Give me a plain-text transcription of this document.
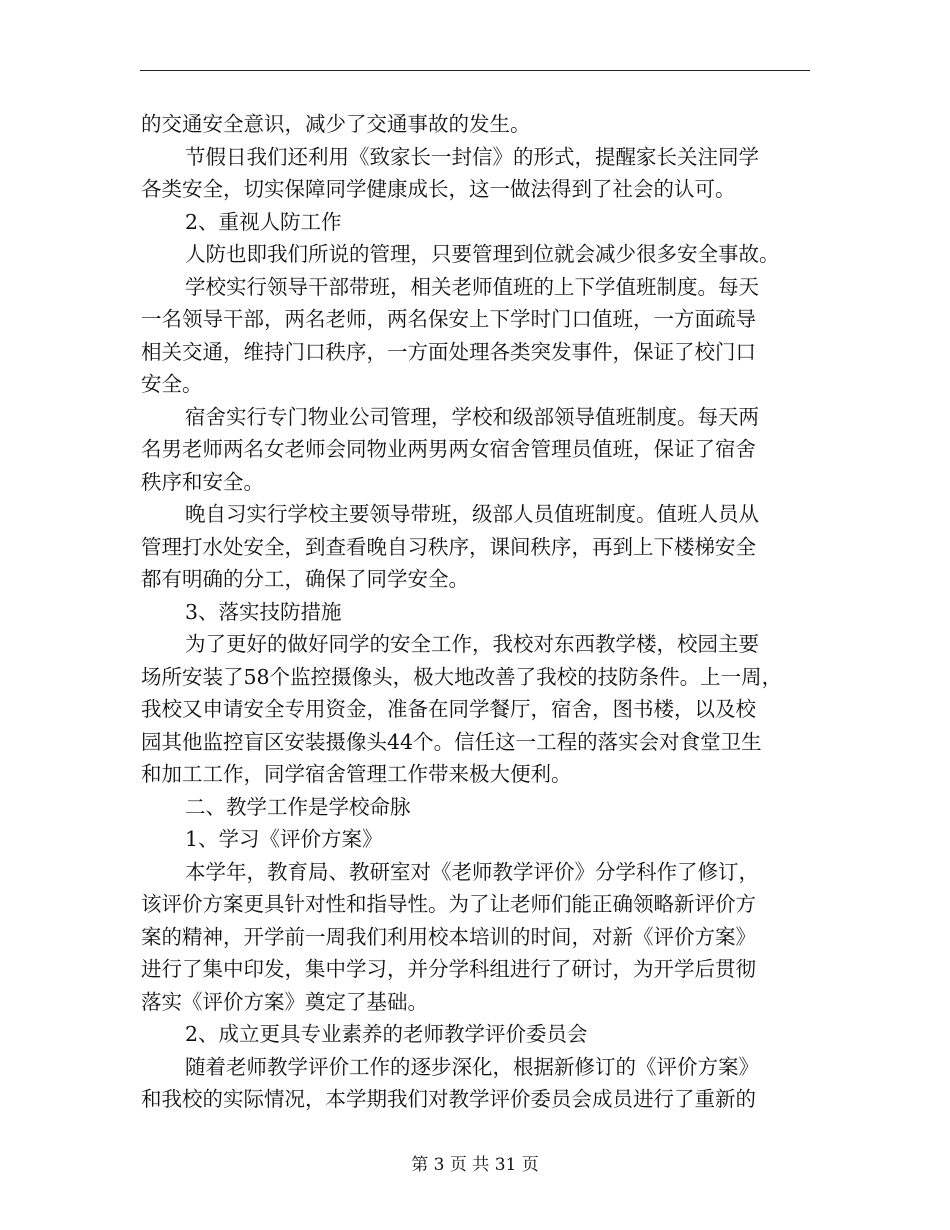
的交通安全意识，减少了交通事故的发生。
节假日我们还利用《致家长一封信》的形式，提醒家长关注同学
各类安全，切实保障同学健康成长，这一做法得到了社会的认可。
2、重视人防工作
人防也即我们所说的管理，只要管理到位就会减少很多安全事故。
学校实行领导干部带班，相关老师值班的上下学值班制度。每天
一名领导干部，两名老师，两名保安上下学时门口值班，一方面疏导
相关交通，维持门口秩序，一方面处理各类突发事件，保证了校门口
安全。
宿舍实行专门物业公司管理，学校和级部领导值班制度。每天两
名男老师两名女老师会同物业两男两女宿舍管理员值班，保证了宿舍
秩序和安全。
晚自习实行学校主要领导带班，级部人员值班制度。值班人员从
管理打水处安全，到查看晚自习秩序，课间秩序，再到上下楼梯安全
都有明确的分工，确保了同学安全。
3、落实技防措施
为了更好的做好同学的安全工作，我校对东西教学楼，校园主要
场所安装了58个监控摄像头，极大地改善了我校的技防条件。上一周，
我校又申请安全专用资金，准备在同学餐厅，宿舍，图书楼，以及校
园其他监控盲区安装摄像头44个。信任这一工程的落实会对食堂卫生
和加工工作，同学宿舍管理工作带来极大便利。
二、教学工作是学校命脉
1、学习《评价方案》
本学年，教育局、教研室对《老师教学评价》分学科作了修订，
该评价方案更具针对性和指导性。为了让老师们能正确领略新评价方
案的精神，开学前一周我们利用校本培训的时间，对新《评价方案》
进行了集中印发，集中学习，并分学科组进行了研讨，为开学后贯彻
落实《评价方案》奠定了基础。
2、成立更具专业素养的老师教学评价委员会
随着老师教学评价工作的逐步深化，根据新修订的《评价方案》
和我校的实际情况，本学期我们对教学评价委员会成员进行了重新的
第 3 页 共 31 页
